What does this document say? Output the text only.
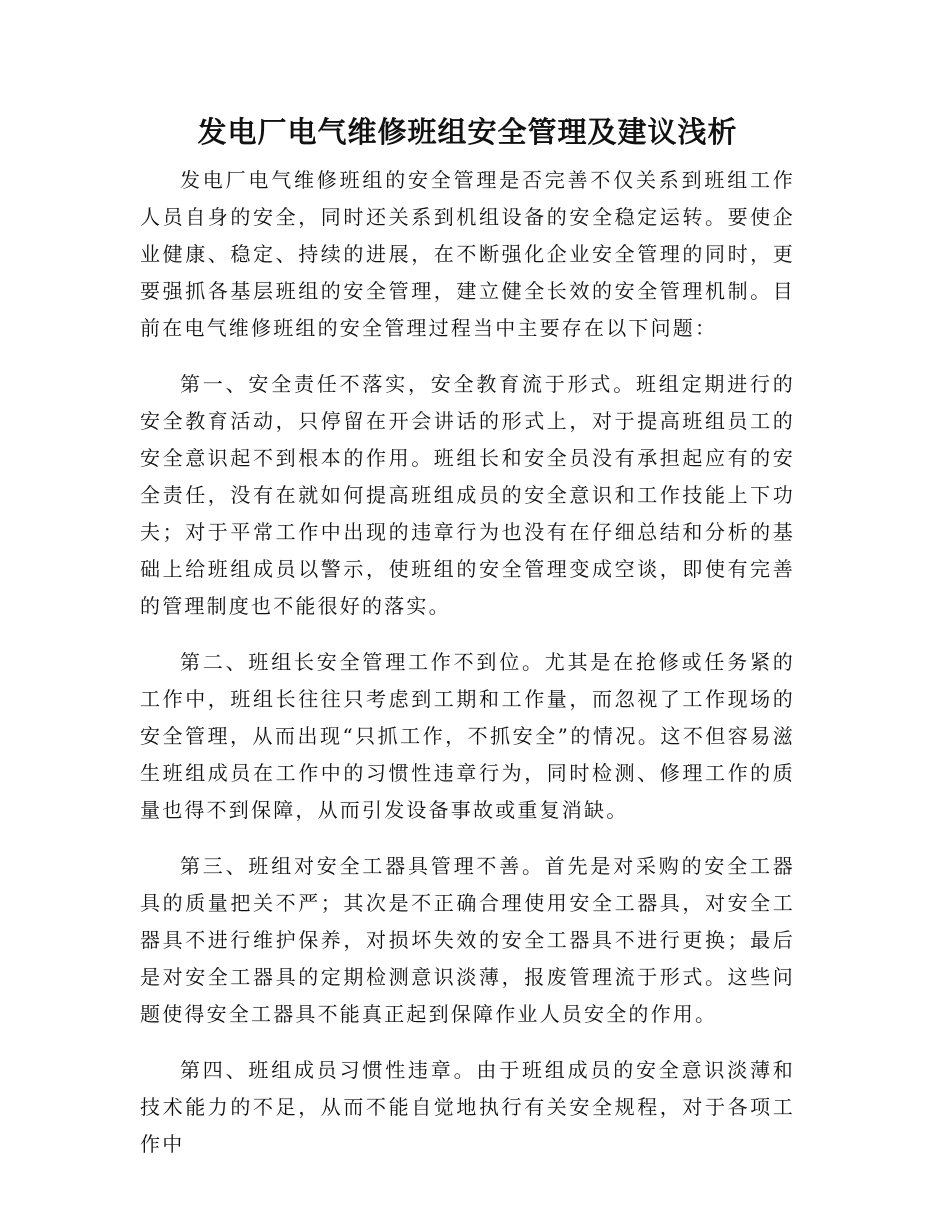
发电厂电气维修班组安全管理及建议浅析

发电厂电气维修班组的安全管理是否完善不仅关系到班组工作人员自身的安全，同时还关系到机组设备的安全稳定运转。要使企业健康、稳定、持续的进展，在不断强化企业安全管理的同时，更要强抓各基层班组的安全管理，建立健全长效的安全管理机制。目前在电气维修班组的安全管理过程当中主要存在以下问题：

第一、安全责任不落实，安全教育流于形式。班组定期进行的安全教育活动，只停留在开会讲话的形式上，对于提高班组员工的安全意识起不到根本的作用。班组长和安全员没有承担起应有的安全责任，没有在就如何提高班组成员的安全意识和工作技能上下功夫；对于平常工作中出现的违章行为也没有在仔细总结和分析的基础上给班组成员以警示，使班组的安全管理变成空谈，即使有完善的管理制度也不能很好的落实。

第二、班组长安全管理工作不到位。尤其是在抢修或任务紧的工作中，班组长往往只考虑到工期和工作量，而忽视了工作现场的安全管理，从而出现“只抓工作，不抓安全”的情况。这不但容易滋生班组成员在工作中的习惯性违章行为，同时检测、修理工作的质量也得不到保障，从而引发设备事故或重复消缺。

第三、班组对安全工器具管理不善。首先是对采购的安全工器具的质量把关不严；其次是不正确合理使用安全工器具，对安全工器具不进行维护保养，对损坏失效的安全工器具不进行更换；最后是对安全工器具的定期检测意识淡薄，报废管理流于形式。这些问题使得安全工器具不能真正起到保障作业人员安全的作用。

第四、班组成员习惯性违章。由于班组成员的安全意识淡薄和技术能力的不足，从而不能自觉地执行有关安全规程，对于各项工作中
